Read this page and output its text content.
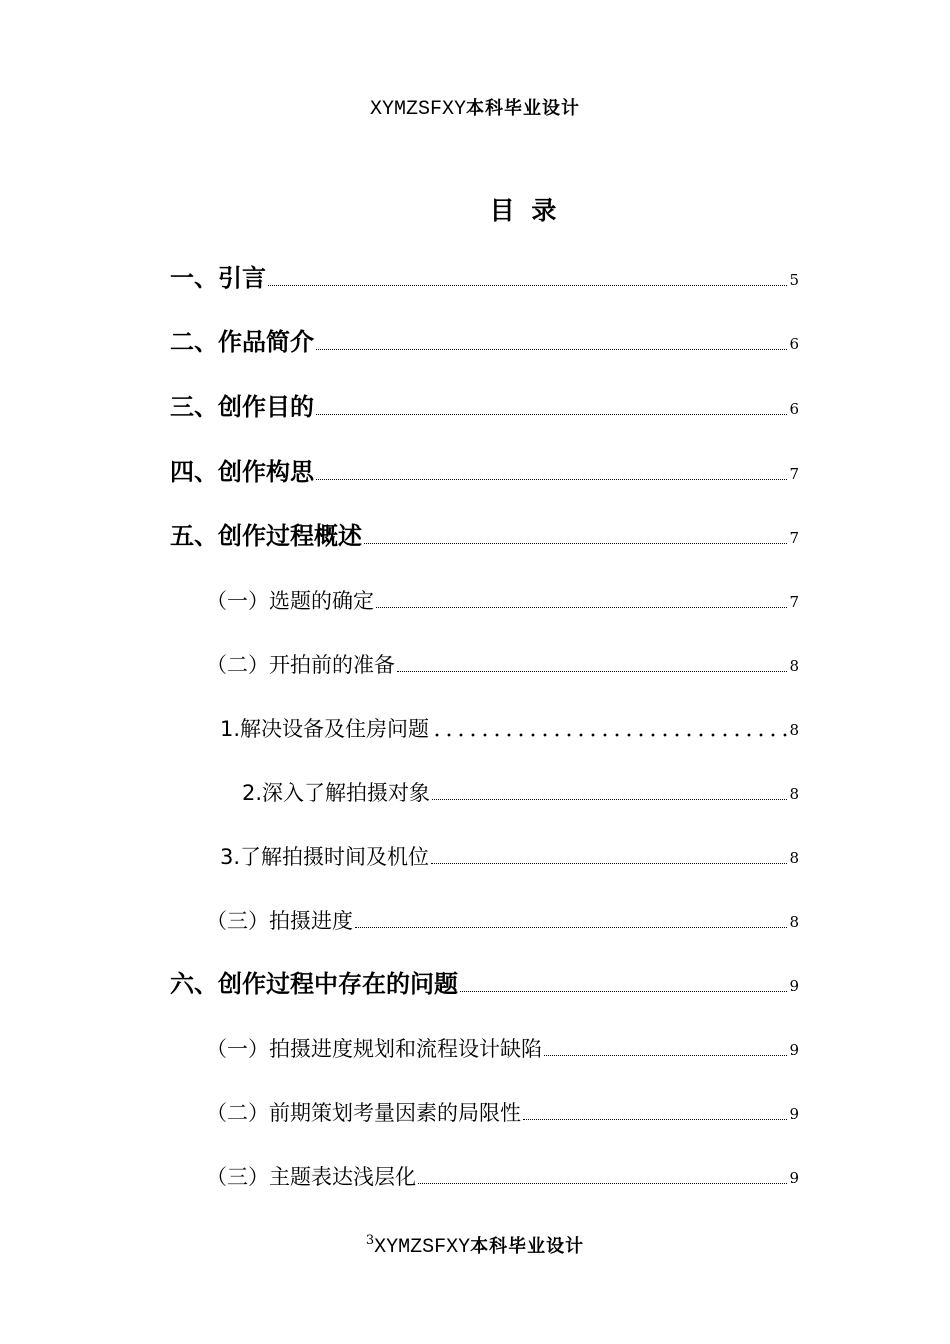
XYMZSFXY本科毕业设计
目 录
一、引言	5
二、作品简介	6
三、创作目的	6
四、创作构思	7
五、创作过程概述	7
（一）选题的确定	7
（二）开拍前的准备	8
1.解决设备及住房问题	8
2.深入了解拍摄对象	8
3.了解拍摄时间及机位	8
（三）拍摄进度	8
六、创作过程中存在的问题	9
（一）拍摄进度规划和流程设计缺陷	9
（二）前期策划考量因素的局限性	9
（三）主题表达浅层化	9
$^3$XYMZSFXY本科毕业设计
